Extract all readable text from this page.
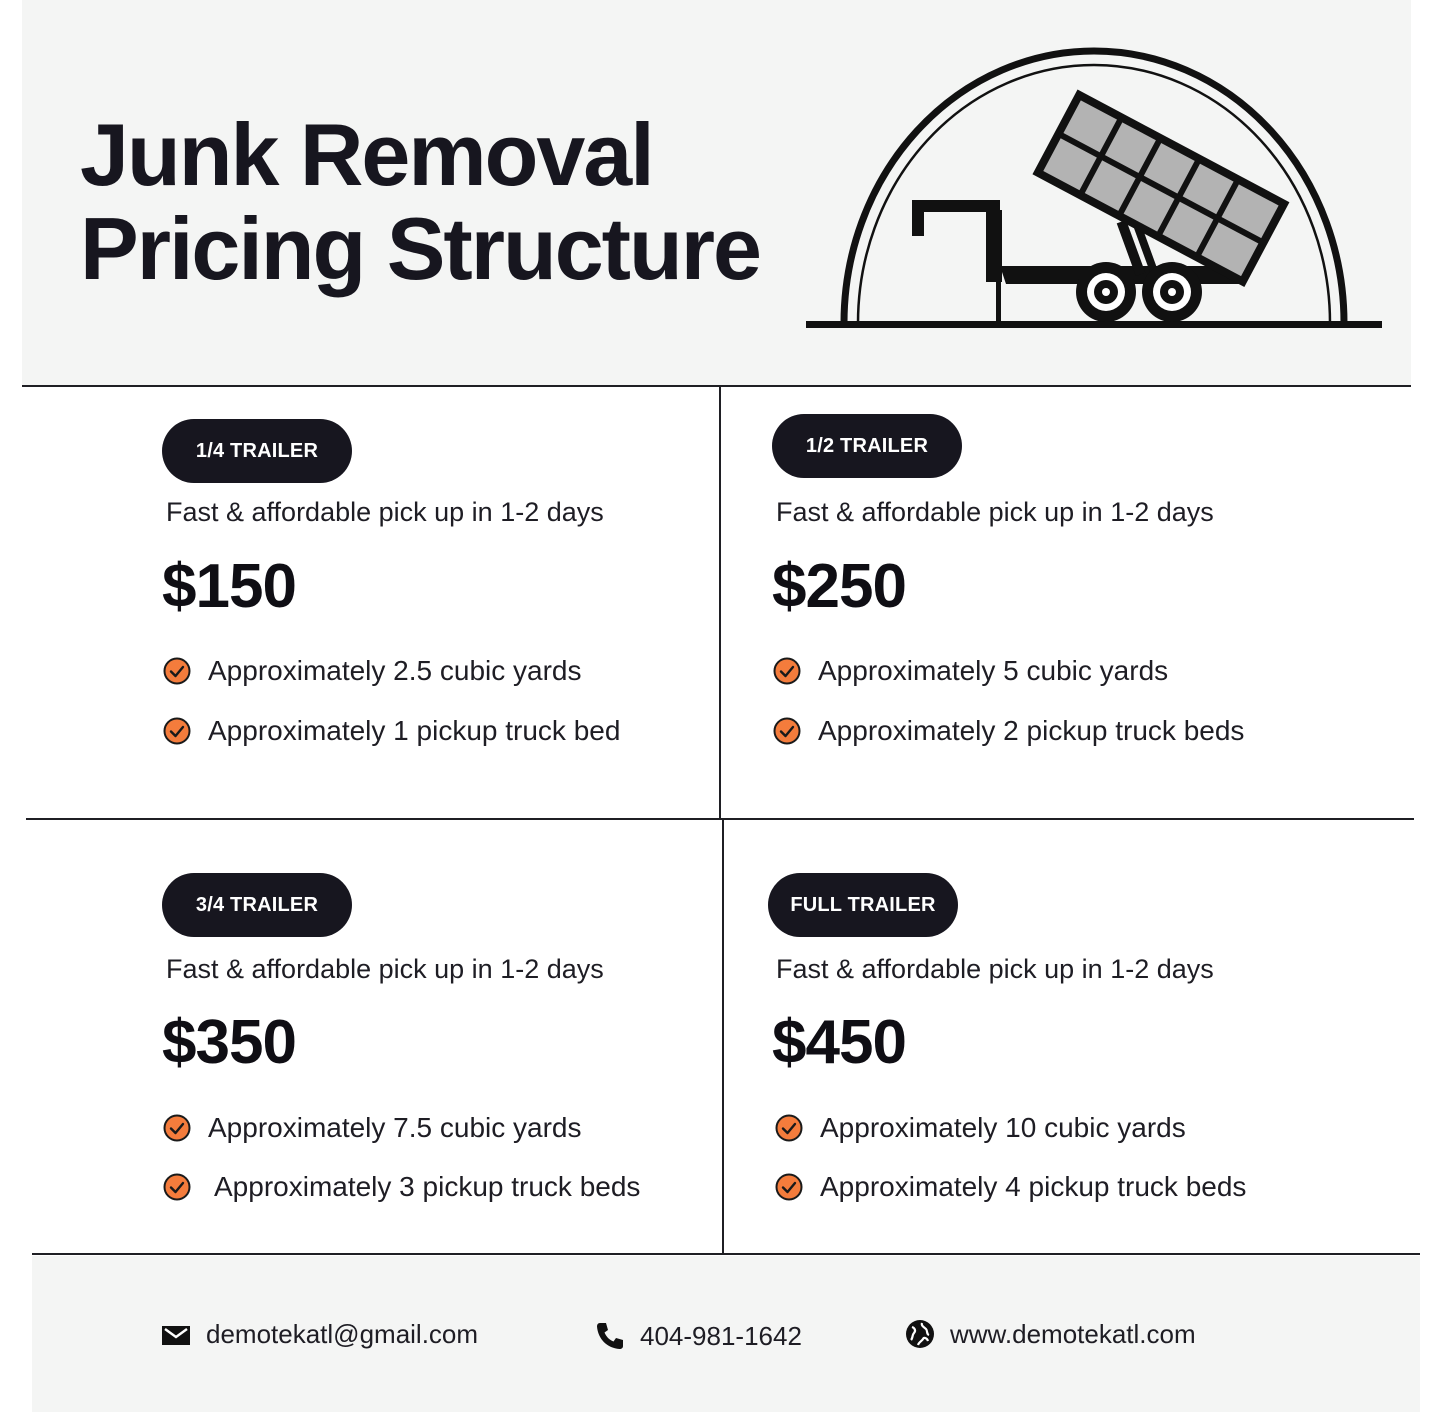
Junk Removal
Pricing Structure
1/4 TRAILER
Fast & affordable pick up in 1-2 days
$150
Approximately 2.5 cubic yards
Approximately 1 pickup truck bed
1/2 TRAILER
Fast & affordable pick up in 1-2 days
$250
Approximately 5 cubic yards
Approximately 2 pickup truck beds
3/4 TRAILER
Fast & affordable pick up in 1-2 days
$350
Approximately 7.5 cubic yards
Approximately 3 pickup truck beds
FULL TRAILER
Fast & affordable pick up in 1-2 days
$450
Approximately 10 cubic yards
Approximately 4 pickup truck beds
demotekatl@gmail.com	404-981-1642	www.demotekatl.com
